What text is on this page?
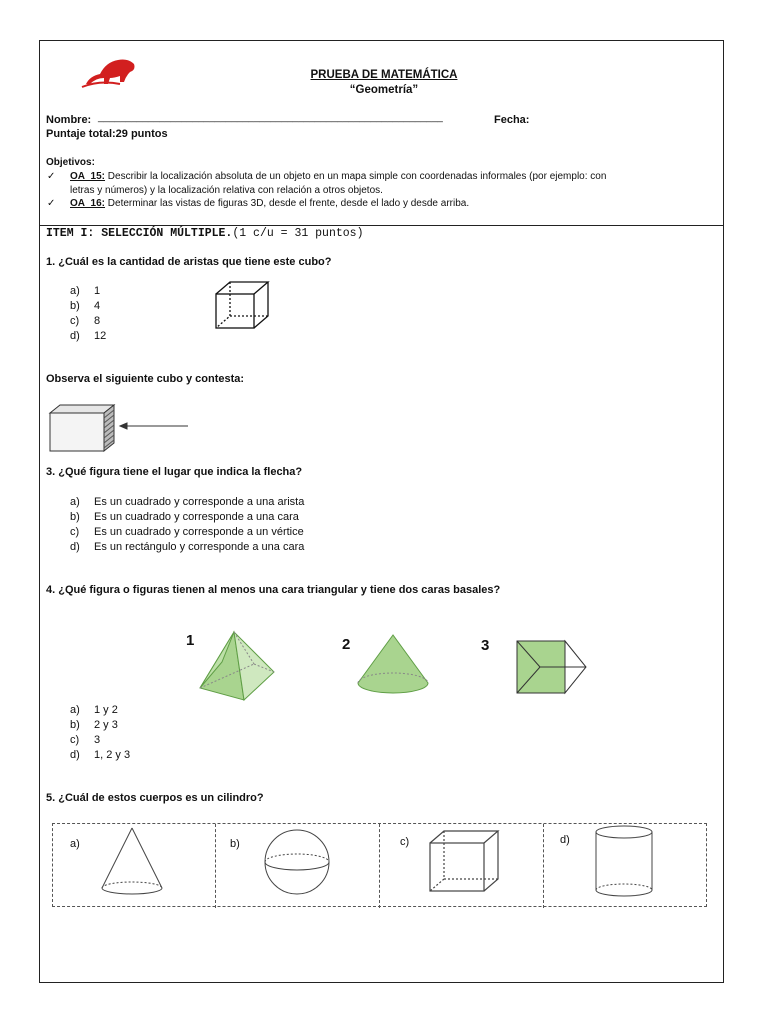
PRUEBA DE MATEMÁTICA
“Geometría”
Nombre: ______________________________________________________________	Fecha:
Puntaje total:29 puntos
Objetivos:
✓ OA_15: Describir la localización absoluta de un objeto en un mapa simple con coordenadas informales (por ejemplo: con
letras y números) y la localización relativa con relación a otros objetos.
✓ OA_16: Determinar las vistas de figuras 3D, desde el frente, desde el lado y desde arriba.
ITEM I: SELECCIÓN MÚLTIPLE.(1 c/u = 31 puntos)
1. ¿Cuál es la cantidad de aristas que tiene este cubo?
a) 1
b) 4
c) 8
d) 12
Observa el siguiente cubo y contesta:
3. ¿Qué figura tiene el lugar que indica la flecha?
a) Es un cuadrado y corresponde a una arista
b) Es un cuadrado y corresponde a una cara
c) Es un cuadrado y corresponde a un vértice
d) Es un rectángulo y corresponde a una cara
4. ¿Qué figura o figuras tienen al menos una cara triangular y tiene dos caras basales?
1	2	3
a) 1 y 2
b) 2 y 3
c) 3
d) 1, 2 y 3
5. ¿Cuál de estos cuerpos es un cilindro?
a)	b)	c)	d)
